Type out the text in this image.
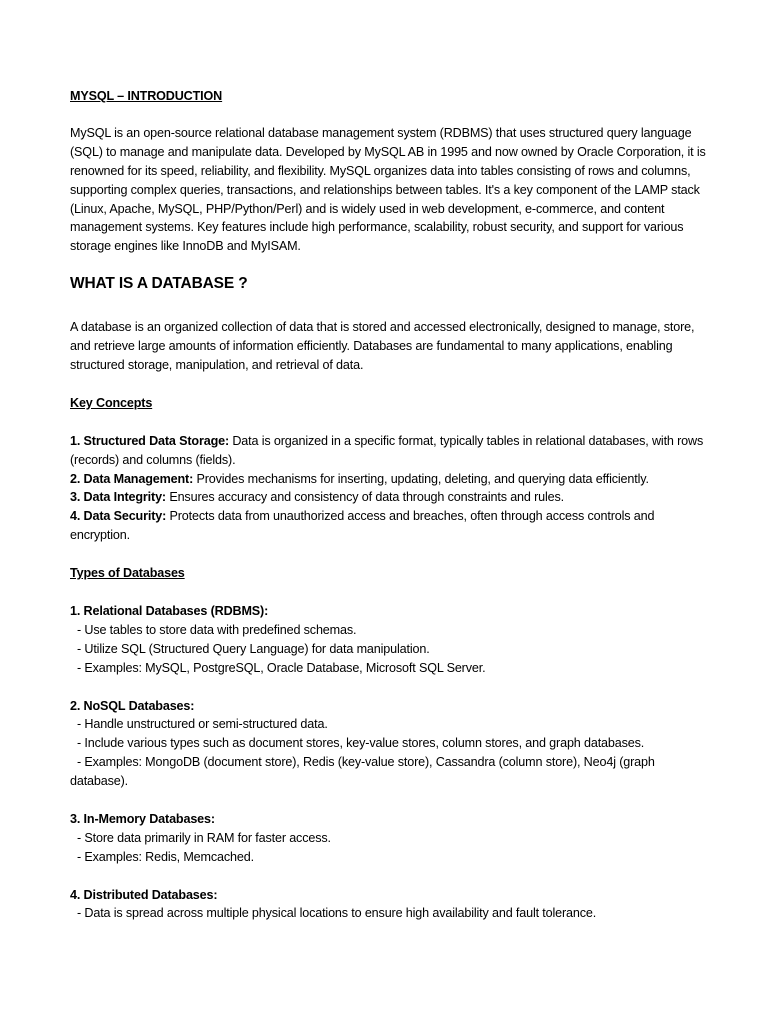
MYSQL – INTRODUCTION

MySQL is an open-source relational database management system (RDBMS) that uses structured query language (SQL) to manage and manipulate data. Developed by MySQL AB in 1995 and now owned by Oracle Corporation, it is renowned for its speed, reliability, and flexibility. MySQL organizes data into tables consisting of rows and columns, supporting complex queries, transactions, and relationships between tables. It's a key component of the LAMP stack (Linux, Apache, MySQL, PHP/Python/Perl) and is widely used in web development, e-commerce, and content management systems. Key features include high performance, scalability, robust security, and support for various storage engines like InnoDB and MyISAM.

WHAT IS A DATABASE ?

A database is an organized collection of data that is stored and accessed electronically, designed to manage, store, and retrieve large amounts of information efficiently. Databases are fundamental to many applications, enabling structured storage, manipulation, and retrieval of data.

Key Concepts

1. Structured Data Storage: Data is organized in a specific format, typically tables in relational databases, with rows (records) and columns (fields).

2. Data Management: Provides mechanisms for inserting, updating, deleting, and querying data efficiently.

3. Data Integrity: Ensures accuracy and consistency of data through constraints and rules.

4. Data Security: Protects data from unauthorized access and breaches, often through access controls and encryption.

Types of Databases

1. Relational Databases (RDBMS):

- Use tables to store data with predefined schemas.

- Utilize SQL (Structured Query Language) for data manipulation.

- Examples: MySQL, PostgreSQL, Oracle Database, Microsoft SQL Server.

2. NoSQL Databases:

- Handle unstructured or semi-structured data.

- Include various types such as document stores, key-value stores, column stores, and graph databases.

- Examples: MongoDB (document store), Redis (key-value store), Cassandra (column store), Neo4j (graph database).

3. In-Memory Databases:

- Store data primarily in RAM for faster access.

- Examples: Redis, Memcached.

4. Distributed Databases:

- Data is spread across multiple physical locations to ensure high availability and fault tolerance.
